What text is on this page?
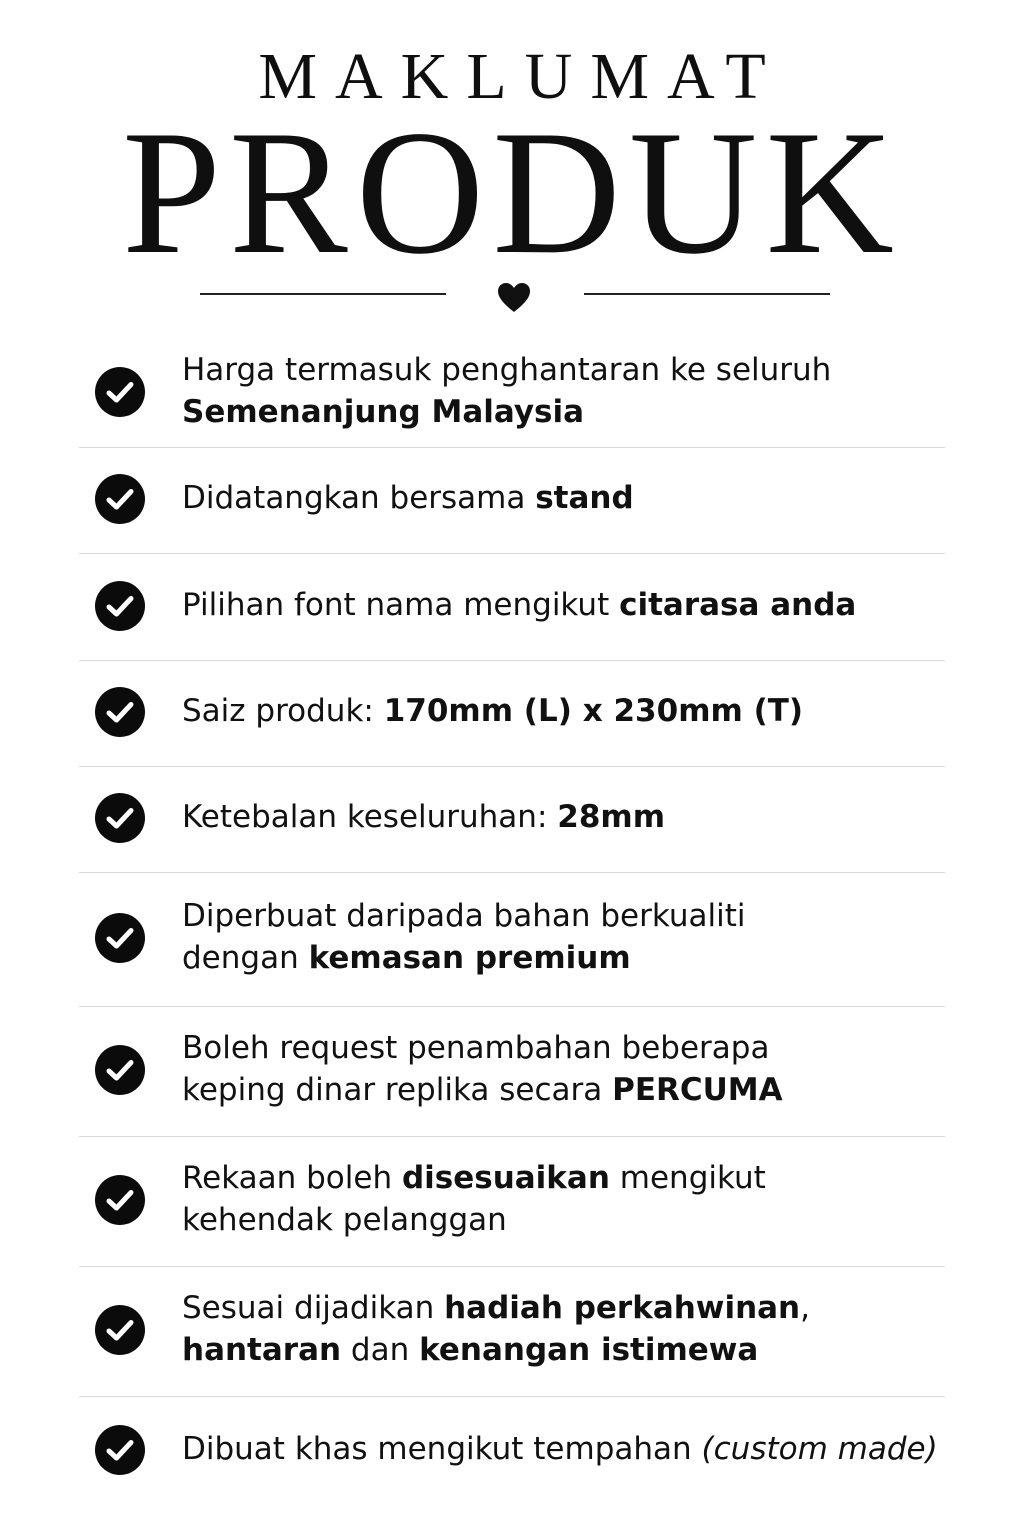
MAKLUMAT
PRODUK
Harga termasuk penghantaran ke seluruh
Semenanjung Malaysia
Didatangkan bersama stand
Pilihan font nama mengikut citarasa anda
Saiz produk: 170mm (L) x 230mm (T)
Ketebalan keseluruhan: 28mm
Diperbuat daripada bahan berkualiti
dengan kemasan premium
Boleh request penambahan beberapa
keping dinar replika secara PERCUMA
Rekaan boleh disesuaikan mengikut
kehendak pelanggan
Sesuai dijadikan hadiah perkahwinan,
hantaran dan kenangan istimewa
Dibuat khas mengikut tempahan (custom made)
